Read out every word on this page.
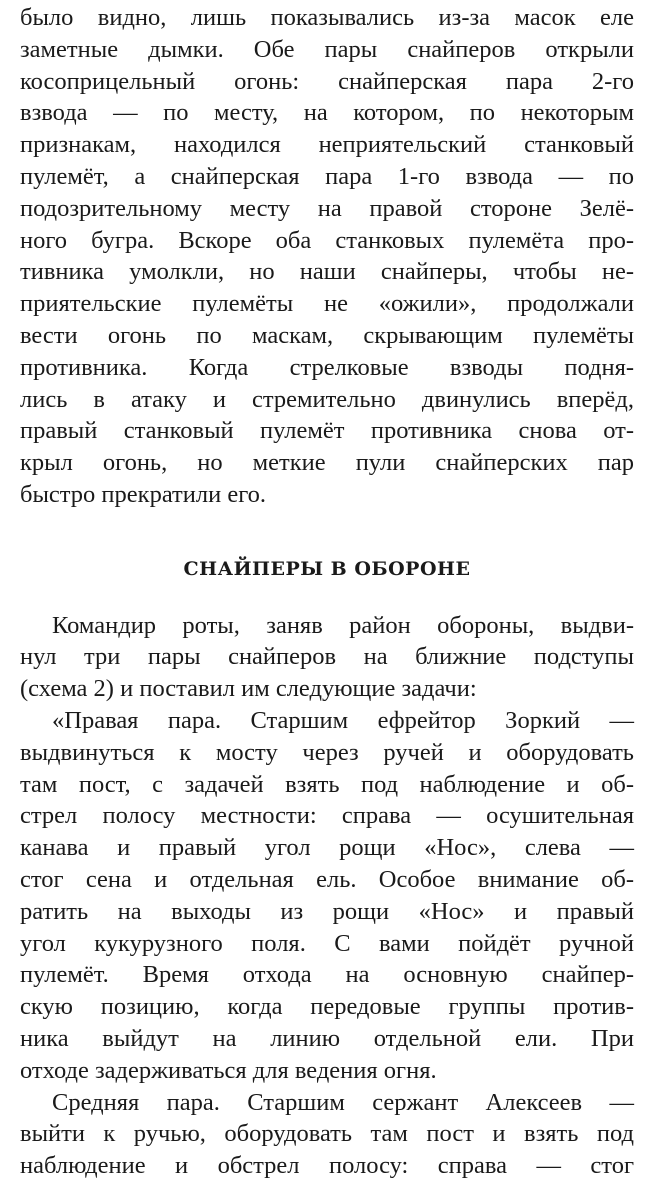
было видно, лишь показывались из-за масок еле
заметные дымки. Обе пары снайперов открыли
косоприцельный огонь: снайперская пара 2-го
взвода — по месту, на котором, по некоторым
признакам, находился неприятельский станковый
пулемёт, а снайперская пара 1-го взвода — по
подозрительному месту на правой стороне Зелё-
ного бугра. Вскоре оба станковых пулемёта про-
тивника умолкли, но наши снайперы, чтобы не-
приятельские пулемёты не «ожили», продолжали
вести огонь по маскам, скрывающим пулемёты
противника. Когда стрелковые взводы подня-
лись в атаку и стремительно двинулись вперёд,
правый станковый пулемёт противника снова от-
крыл огонь, но меткие пули снайперских пар
быстро прекратили его.
СНАЙПЕРЫ В ОБОРОНЕ
Командир роты, заняв район обороны, выдви-
нул три пары снайперов на ближние подступы
(схема 2) и поставил им следующие задачи:
«Правая пара. Старшим ефрейтор Зоркий —
выдвинуться к мосту через ручей и оборудовать
там пост, с задачей взять под наблюдение и об-
стрел полосу местности: справа — осушительная
канава и правый угол рощи «Нос», слева —
стог сена и отдельная ель. Особое внимание об-
ратить на выходы из рощи «Нос» и правый
угол кукурузного поля. С вами пойдёт ручной
пулемёт. Время отхода на основную снайпер-
скую позицию, когда передовые группы против-
ника выйдут на линию отдельной ели. При
отходе задерживаться для ведения огня.
Средняя пара. Старшим сержант Алексеев —
выйти к ручью, оборудовать там пост и взять под
наблюдение и обстрел полосу: справа — стог
